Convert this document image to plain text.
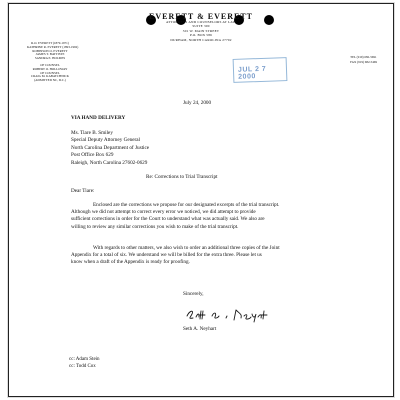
EVERETT & EVERETT
ATTORNEYS AND COUNSELORS AT LAW
SUITE 300
301 W. MAIN STREET
P.O. BOX 586
DURHAM, NORTH CAROLINA 27702
R.O. EVERETT (1879-1971)
KATHRINE R. EVERETT (1893-1992)
ROBINSON O. EVERETT
JAMES T. BATTISTE
SANDRA E. HOLMES
OF COUNSEL
ROBERT O. HOLLOWAY
OF COUNSEL
CRAIG M. KABATCHNICK
(ADMITTED NC, D.C.)
TEL (919) 682-5691
FAX (919) 682-5469
JUL 2 7 2000
July 24, 2000
VIA HAND DELIVERY
Ms. Tiare B. Smiley
Special Deputy Attorney General
North Carolina Department of Justice
Post Office Box 629
Raleigh, North Carolina 27602-0629
Re: Corrections to Trial Transcript
Dear Tiare:
Enclosed are the corrections we propose for our designated excerpts of the trial transcript.
Although we did not attempt to correct every error we noticed, we did attempt to provide
sufficient corrections in order for the Court to understand what was actually said. We also are
willing to review any similar corrections you wish to make of the trial transcript.
With regards to other matters, we also wish to order an additional three copies of the Joint
Appendix for a total of six. We understand we will be billed for the extra three. Please let us
know when a draft of the Appendix is ready for proofing.
Sincerely,
Seth A. Neyhart
cc: Adam Stein
cc: Todd Cox
